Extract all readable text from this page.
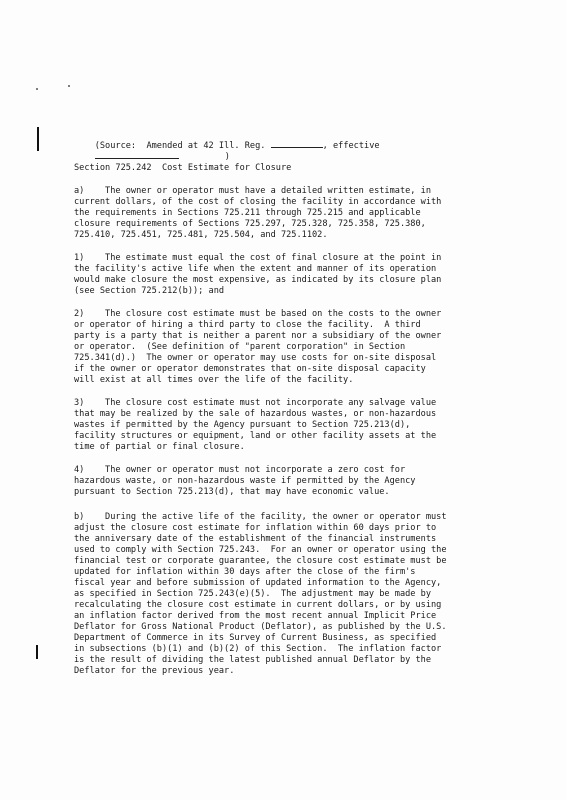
(Source:  Amended at 42 Ill. Reg.	, effective

)

Section 725.242  Cost Estimate for Closure
a)    The owner or operator must have a detailed written estimate, in
current dollars, of the cost of closing the facility in accordance with
the requirements in Sections 725.211 through 725.215 and applicable
closure requirements of Sections 725.297, 725.328, 725.358, 725.380,
725.410, 725.451, 725.481, 725.504, and 725.1102.
1)    The estimate must equal the cost of final closure at the point in
the facility's active life when the extent and manner of its operation
would make closure the most expensive, as indicated by its closure plan
(see Section 725.212(b)); and
2)    The closure cost estimate must be based on the costs to the owner
or operator of hiring a third party to close the facility.  A third
party is a party that is neither a parent nor a subsidiary of the owner
or operator.  (See definition of "parent corporation" in Section
725.341(d).)  The owner or operator may use costs for on-site disposal
if the owner or operator demonstrates that on-site disposal capacity
will exist at all times over the life of the facility.
3)    The closure cost estimate must not incorporate any salvage value
that may be realized by the sale of hazardous wastes, or non-hazardous
wastes if permitted by the Agency pursuant to Section 725.213(d),
facility structures or equipment, land or other facility assets at the
time of partial or final closure.
4)    The owner or operator must not incorporate a zero cost for
hazardous waste, or non-hazardous waste if permitted by the Agency
pursuant to Section 725.213(d), that may have economic value.
b)    During the active life of the facility, the owner or operator must
adjust the closure cost estimate for inflation within 60 days prior to
the anniversary date of the establishment of the financial instruments
used to comply with Section 725.243.  For an owner or operator using the
financial test or corporate guarantee, the closure cost estimate must be
updated for inflation within 30 days after the close of the firm's
fiscal year and before submission of updated information to the Agency,
as specified in Section 725.243(e)(5).  The adjustment may be made by
recalculating the closure cost estimate in current dollars, or by using
an inflation factor derived from the most recent annual Implicit Price
Deflator for Gross National Product (Deflator), as published by the U.S.
Department of Commerce in its Survey of Current Business, as specified
in subsections (b)(1) and (b)(2) of this Section.  The inflation factor
is the result of dividing the latest published annual Deflator by the
Deflator for the previous year.
